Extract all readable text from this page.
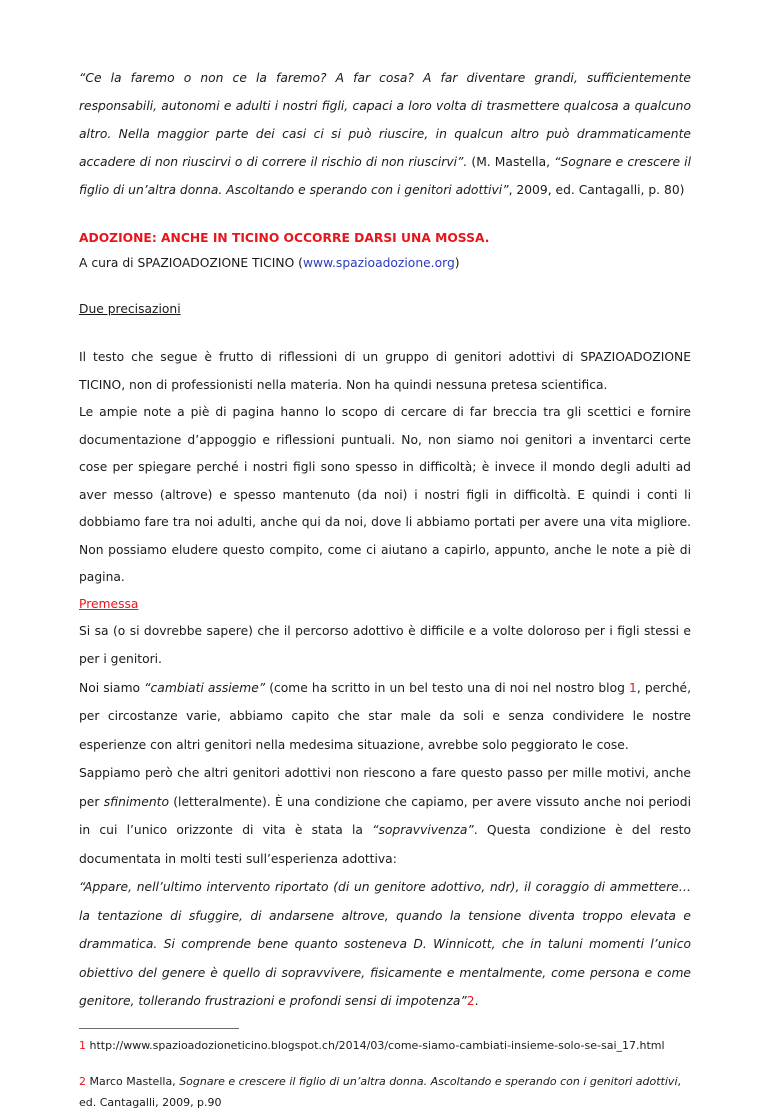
“Ce la faremo o non ce la faremo? A far cosa? A far diventare grandi, sufficientemente responsabili, autonomi e adulti i nostri figli, capaci a loro volta di trasmettere qualcosa a qualcuno altro. Nella maggior parte dei casi ci si può riuscire, in qualcun altro può drammaticamente accadere di non riuscirvi o di correre il rischio di non riuscirvi”. (M. Mastella, “Sognare e crescere il figlio di un’altra donna. Ascoltando e sperando con i genitori adottivi”, 2009, ed. Cantagalli, p. 80)

ADOZIONE: ANCHE IN TICINO OCCORRE DARSI UNA MOSSA.

A cura di SPAZIOADOZIONE TICINO (www.spazioadozione.org)

Due precisazioni

Il testo che segue è frutto di riflessioni di un gruppo di genitori adottivi di SPAZIOADOZIONE TICINO, non di professionisti nella materia. Non ha quindi nessuna pretesa scientifica.

Le ampie note a piè di pagina hanno lo scopo di cercare di far breccia tra gli scettici e fornire documentazione d’appoggio e riflessioni puntuali. No, non siamo noi genitori a inventarci certe cose per spiegare perché i nostri figli sono spesso in difficoltà; è invece il mondo degli adulti ad aver messo (altrove) e spesso mantenuto (da noi) i nostri figli in difficoltà. E quindi i conti li dobbiamo fare tra noi adulti, anche qui da noi, dove li abbiamo portati per avere una vita migliore. Non possiamo eludere questo compito, come ci aiutano a capirlo, appunto, anche le note a piè di pagina.

Premessa

Si sa (o si dovrebbe sapere) che il percorso adottivo è difficile e a volte doloroso per i figli stessi e per i genitori.

Noi siamo “cambiati assieme” (come ha scritto in un bel testo una di noi nel nostro blog 1, perché, per circostanze varie, abbiamo capito che star male da soli e senza condividere le nostre esperienze con altri genitori nella medesima situazione, avrebbe solo peggiorato le cose.

Sappiamo però che altri genitori adottivi non riescono a fare questo passo per mille motivi, anche per sfinimento (letteralmente). È una condizione che capiamo, per avere vissuto anche noi periodi in cui l’unico orizzonte di vita è stata la “sopravvivenza”. Questa condizione è del resto documentata in molti testi sull’esperienza adottiva:

“Appare, nell’ultimo intervento riportato (di un genitore adottivo, ndr), il coraggio di ammettere… la tentazione di sfuggire, di andarsene altrove, quando la tensione diventa troppo elevata e drammatica. Si comprende bene quanto sosteneva D. Winnicott, che in taluni momenti l’unico obiettivo del genere è quello di sopravvivere, fisicamente e mentalmente, come persona e come genitore, tollerando frustrazioni e profondi sensi di impotenza”2.

1 http://www.spazioadozioneticino.blogspot.ch/2014/03/come-siamo-cambiati-insieme-solo-se-sai_17.html

2 Marco Mastella, Sognare e crescere il figlio di un’altra donna. Ascoltando e sperando con i genitori adottivi, ed. Cantagalli, 2009, p.90
